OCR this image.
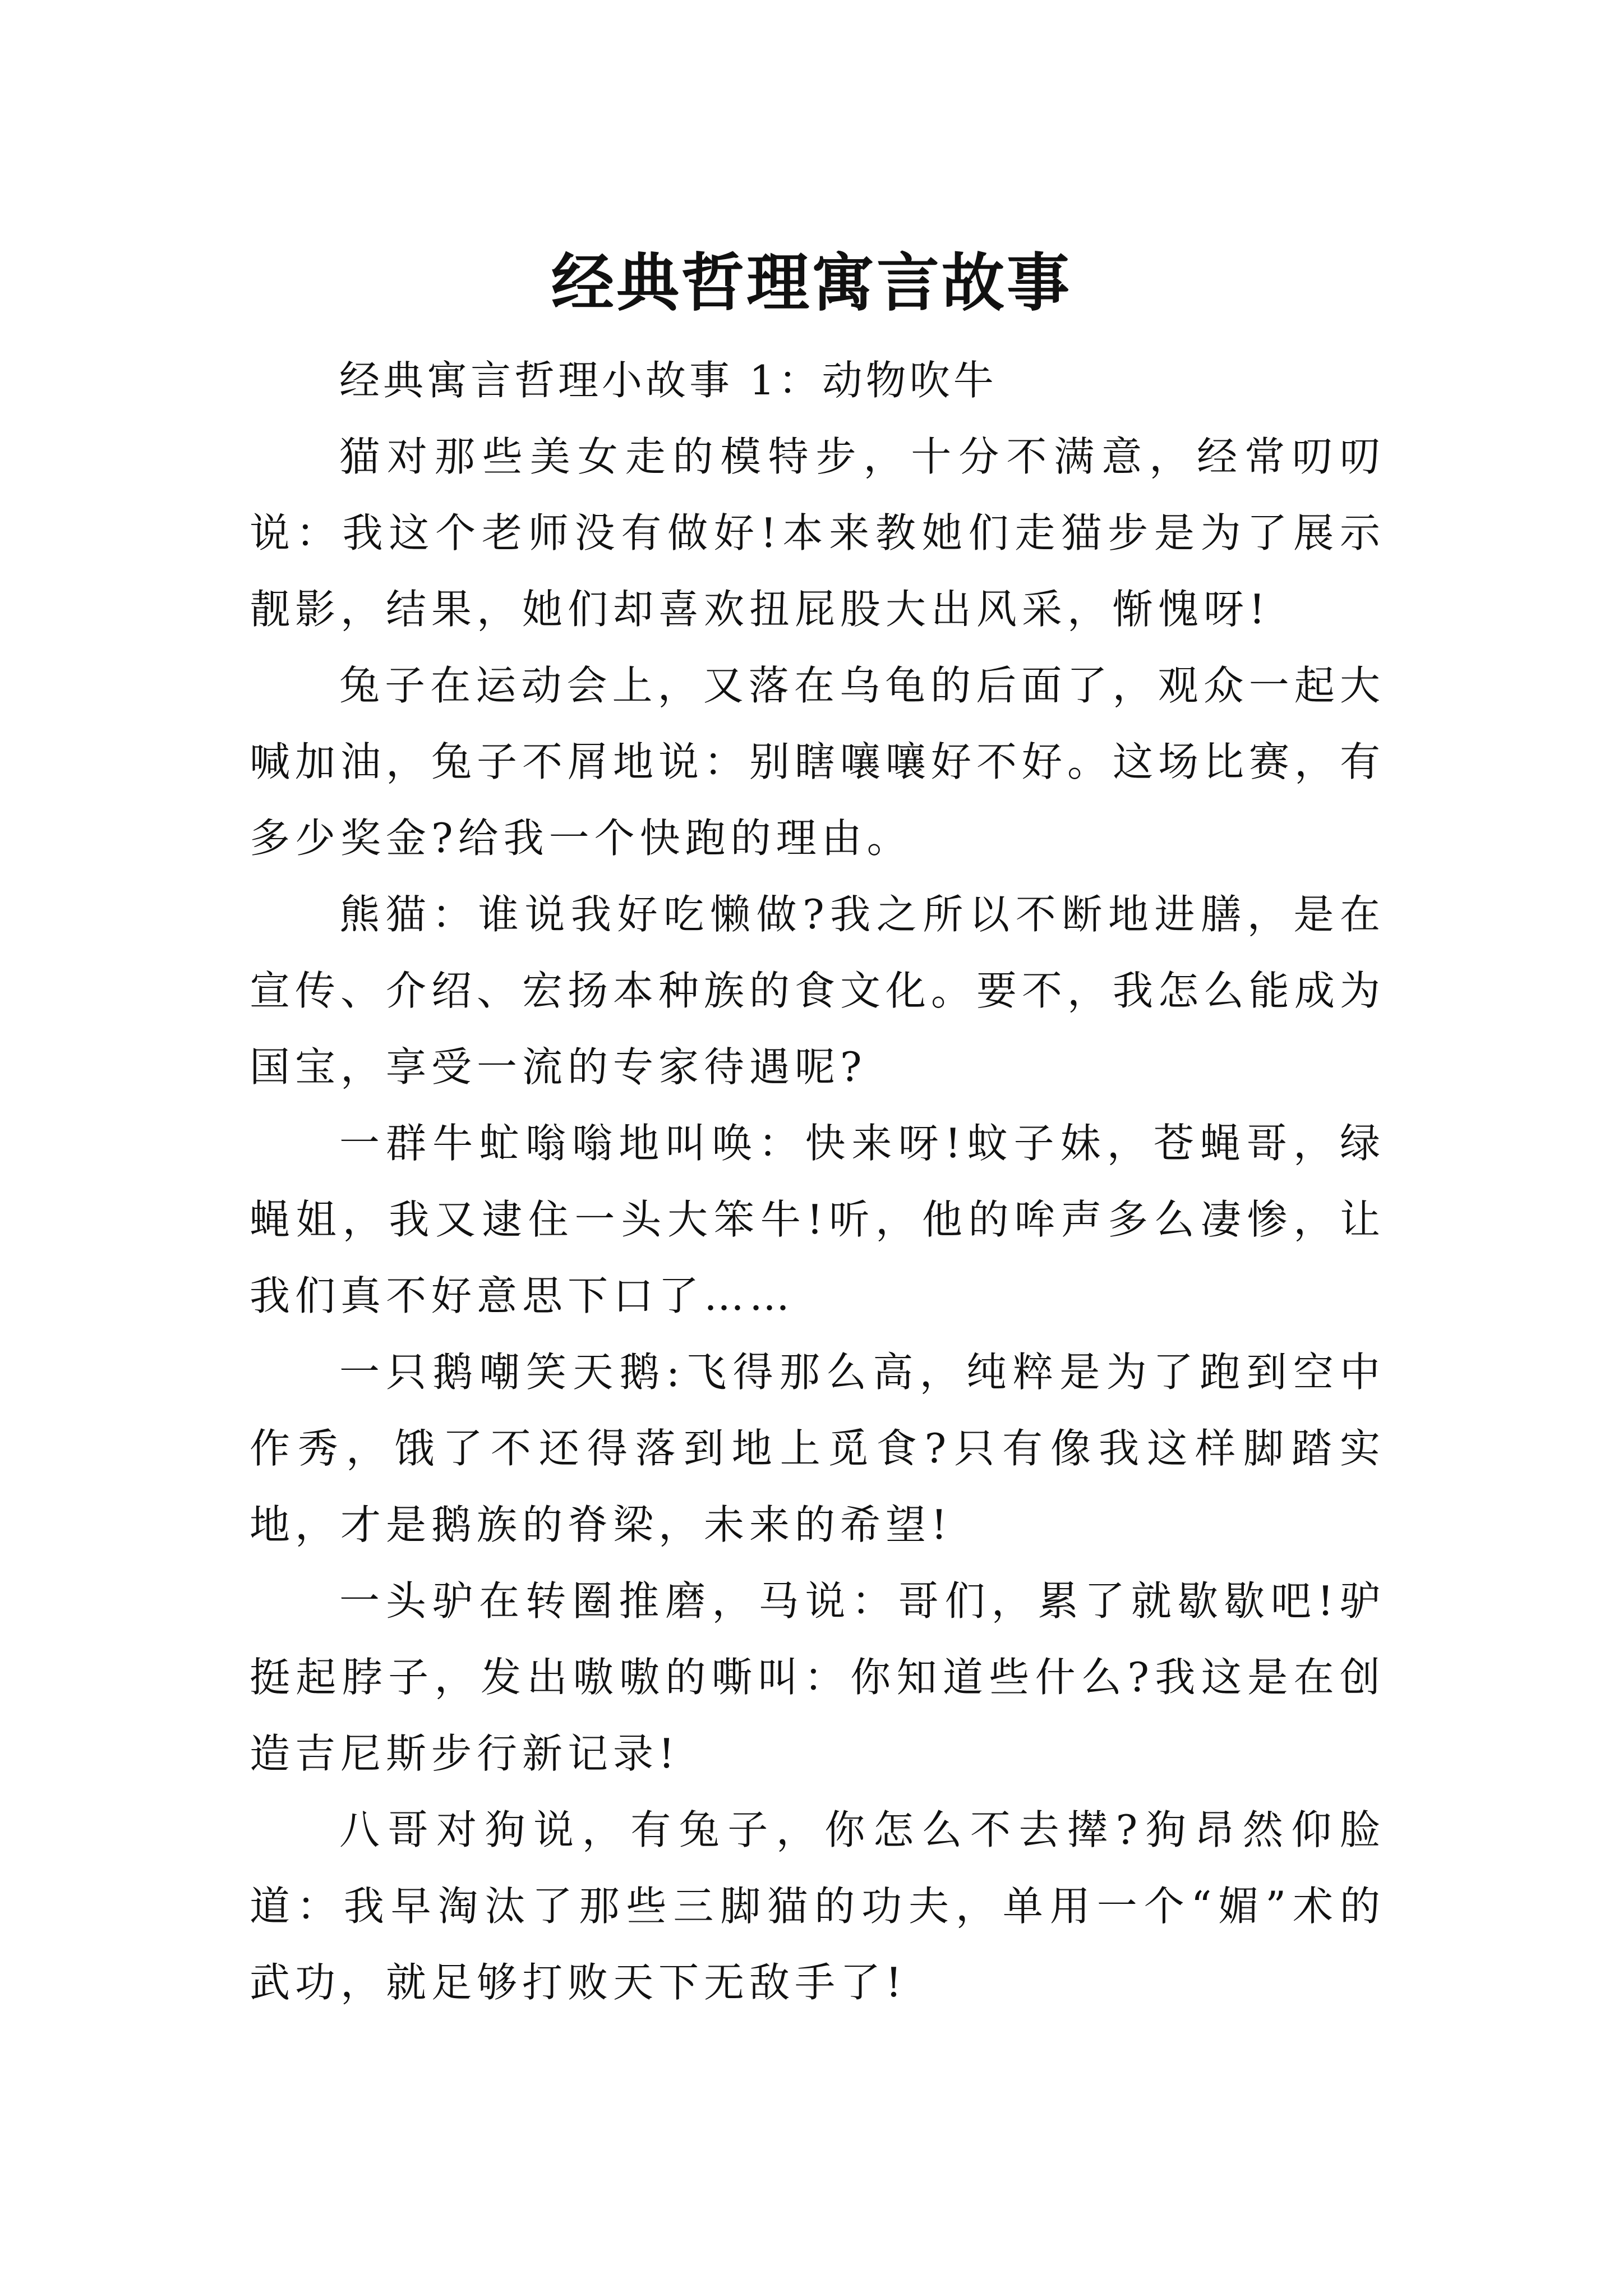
经典哲理寓言故事

经典寓言哲理小故事 1：动物吹牛

猫对那些美女走的模特步，十分不满意，经常叨叨说：我这个老师没有做好!本来教她们走猫步是为了展示靓影，结果，她们却喜欢扭屁股大出风采，惭愧呀!

兔子在运动会上，又落在乌龟的后面了，观众一起大喊加油，兔子不屑地说：别瞎嚷嚷好不好。这场比赛，有多少奖金?给我一个快跑的理由。

熊猫：谁说我好吃懒做?我之所以不断地进膳，是在宣传、介绍、宏扬本种族的食文化。要不，我怎么能成为国宝，享受一流的专家待遇呢?

一群牛虻嗡嗡地叫唤：快来呀!蚊子妹，苍蝇哥，绿蝇姐，我又逮住一头大笨牛!听，他的哞声多么凄惨，让我们真不好意思下口了……

一只鹅嘲笑天鹅:飞得那么高，纯粹是为了跑到空中作秀，饿了不还得落到地上觅食?只有像我这样脚踏实地，才是鹅族的脊梁，未来的希望!

一头驴在转圈推磨，马说：哥们，累了就歇歇吧!驴挺起脖子，发出嗷嗷的嘶叫：你知道些什么?我这是在创造吉尼斯步行新记录!

八哥对狗说，有兔子，你怎么不去撵?狗昂然仰脸道：我早淘汰了那些三脚猫的功夫，单用一个“媚”术的武功，就足够打败天下无敌手了!
